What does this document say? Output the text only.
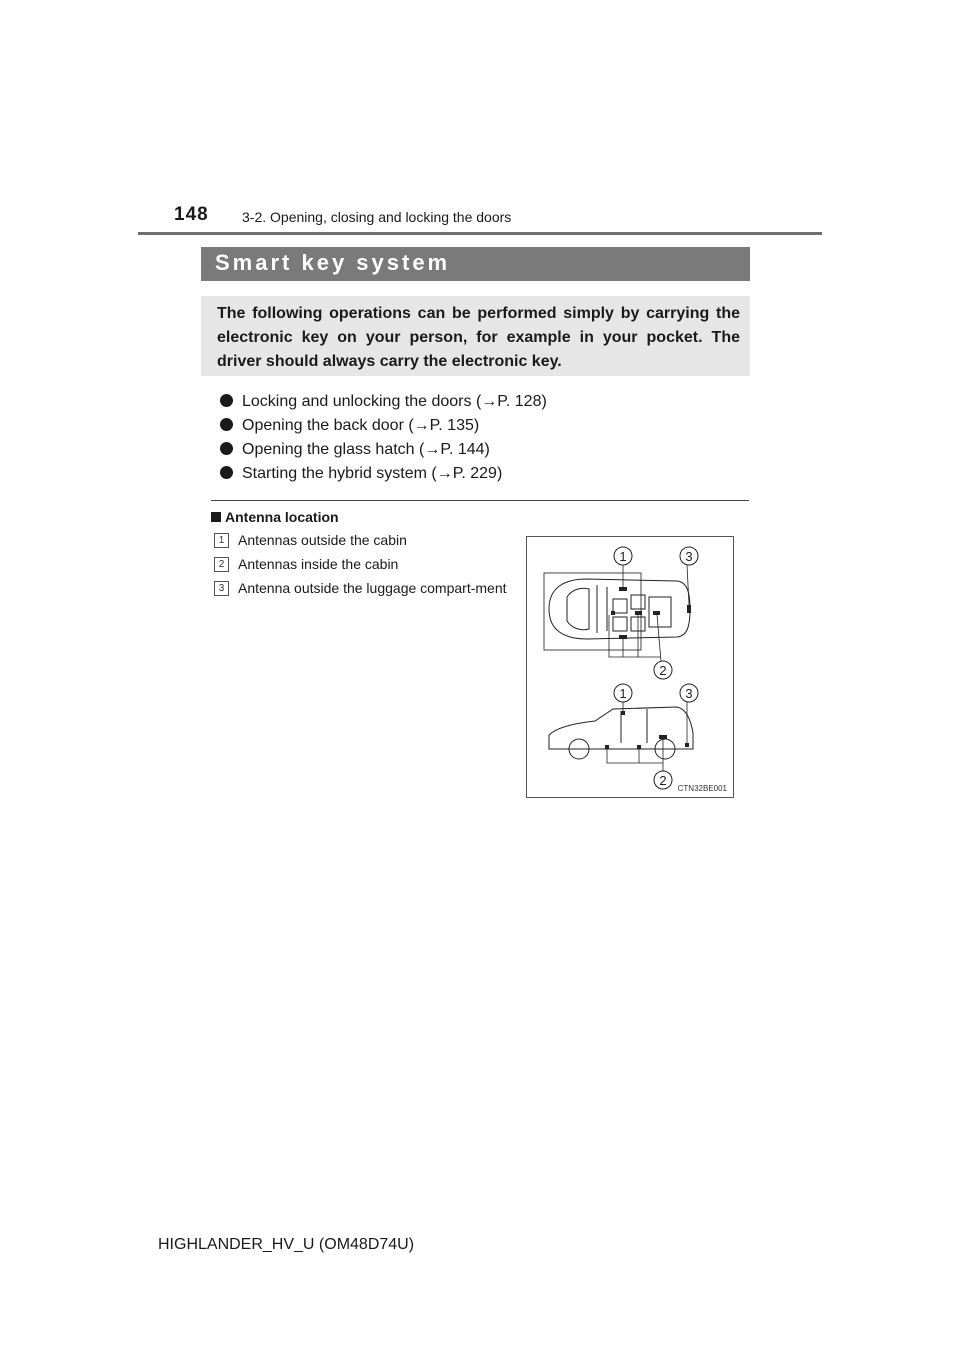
148 3-2. Opening, closing and locking the doors
Smart key system

The following operations can be performed simply by carrying the electronic key on your person, for example in your pocket. The driver should always carry the electronic key.

Locking and unlocking the doors (→P. 128)
Opening the back door (→P. 135)
Opening the glass hatch (→P. 144)
Starting the hybrid system (→P. 229)
Antenna location
1 Antennas outside the cabin
2 Antennas inside the cabin
3 Antenna outside the luggage compart-ment
1	3
2
1	3
2
CTN32BE001
HIGHLANDER_HV_U (OM48D74U)
